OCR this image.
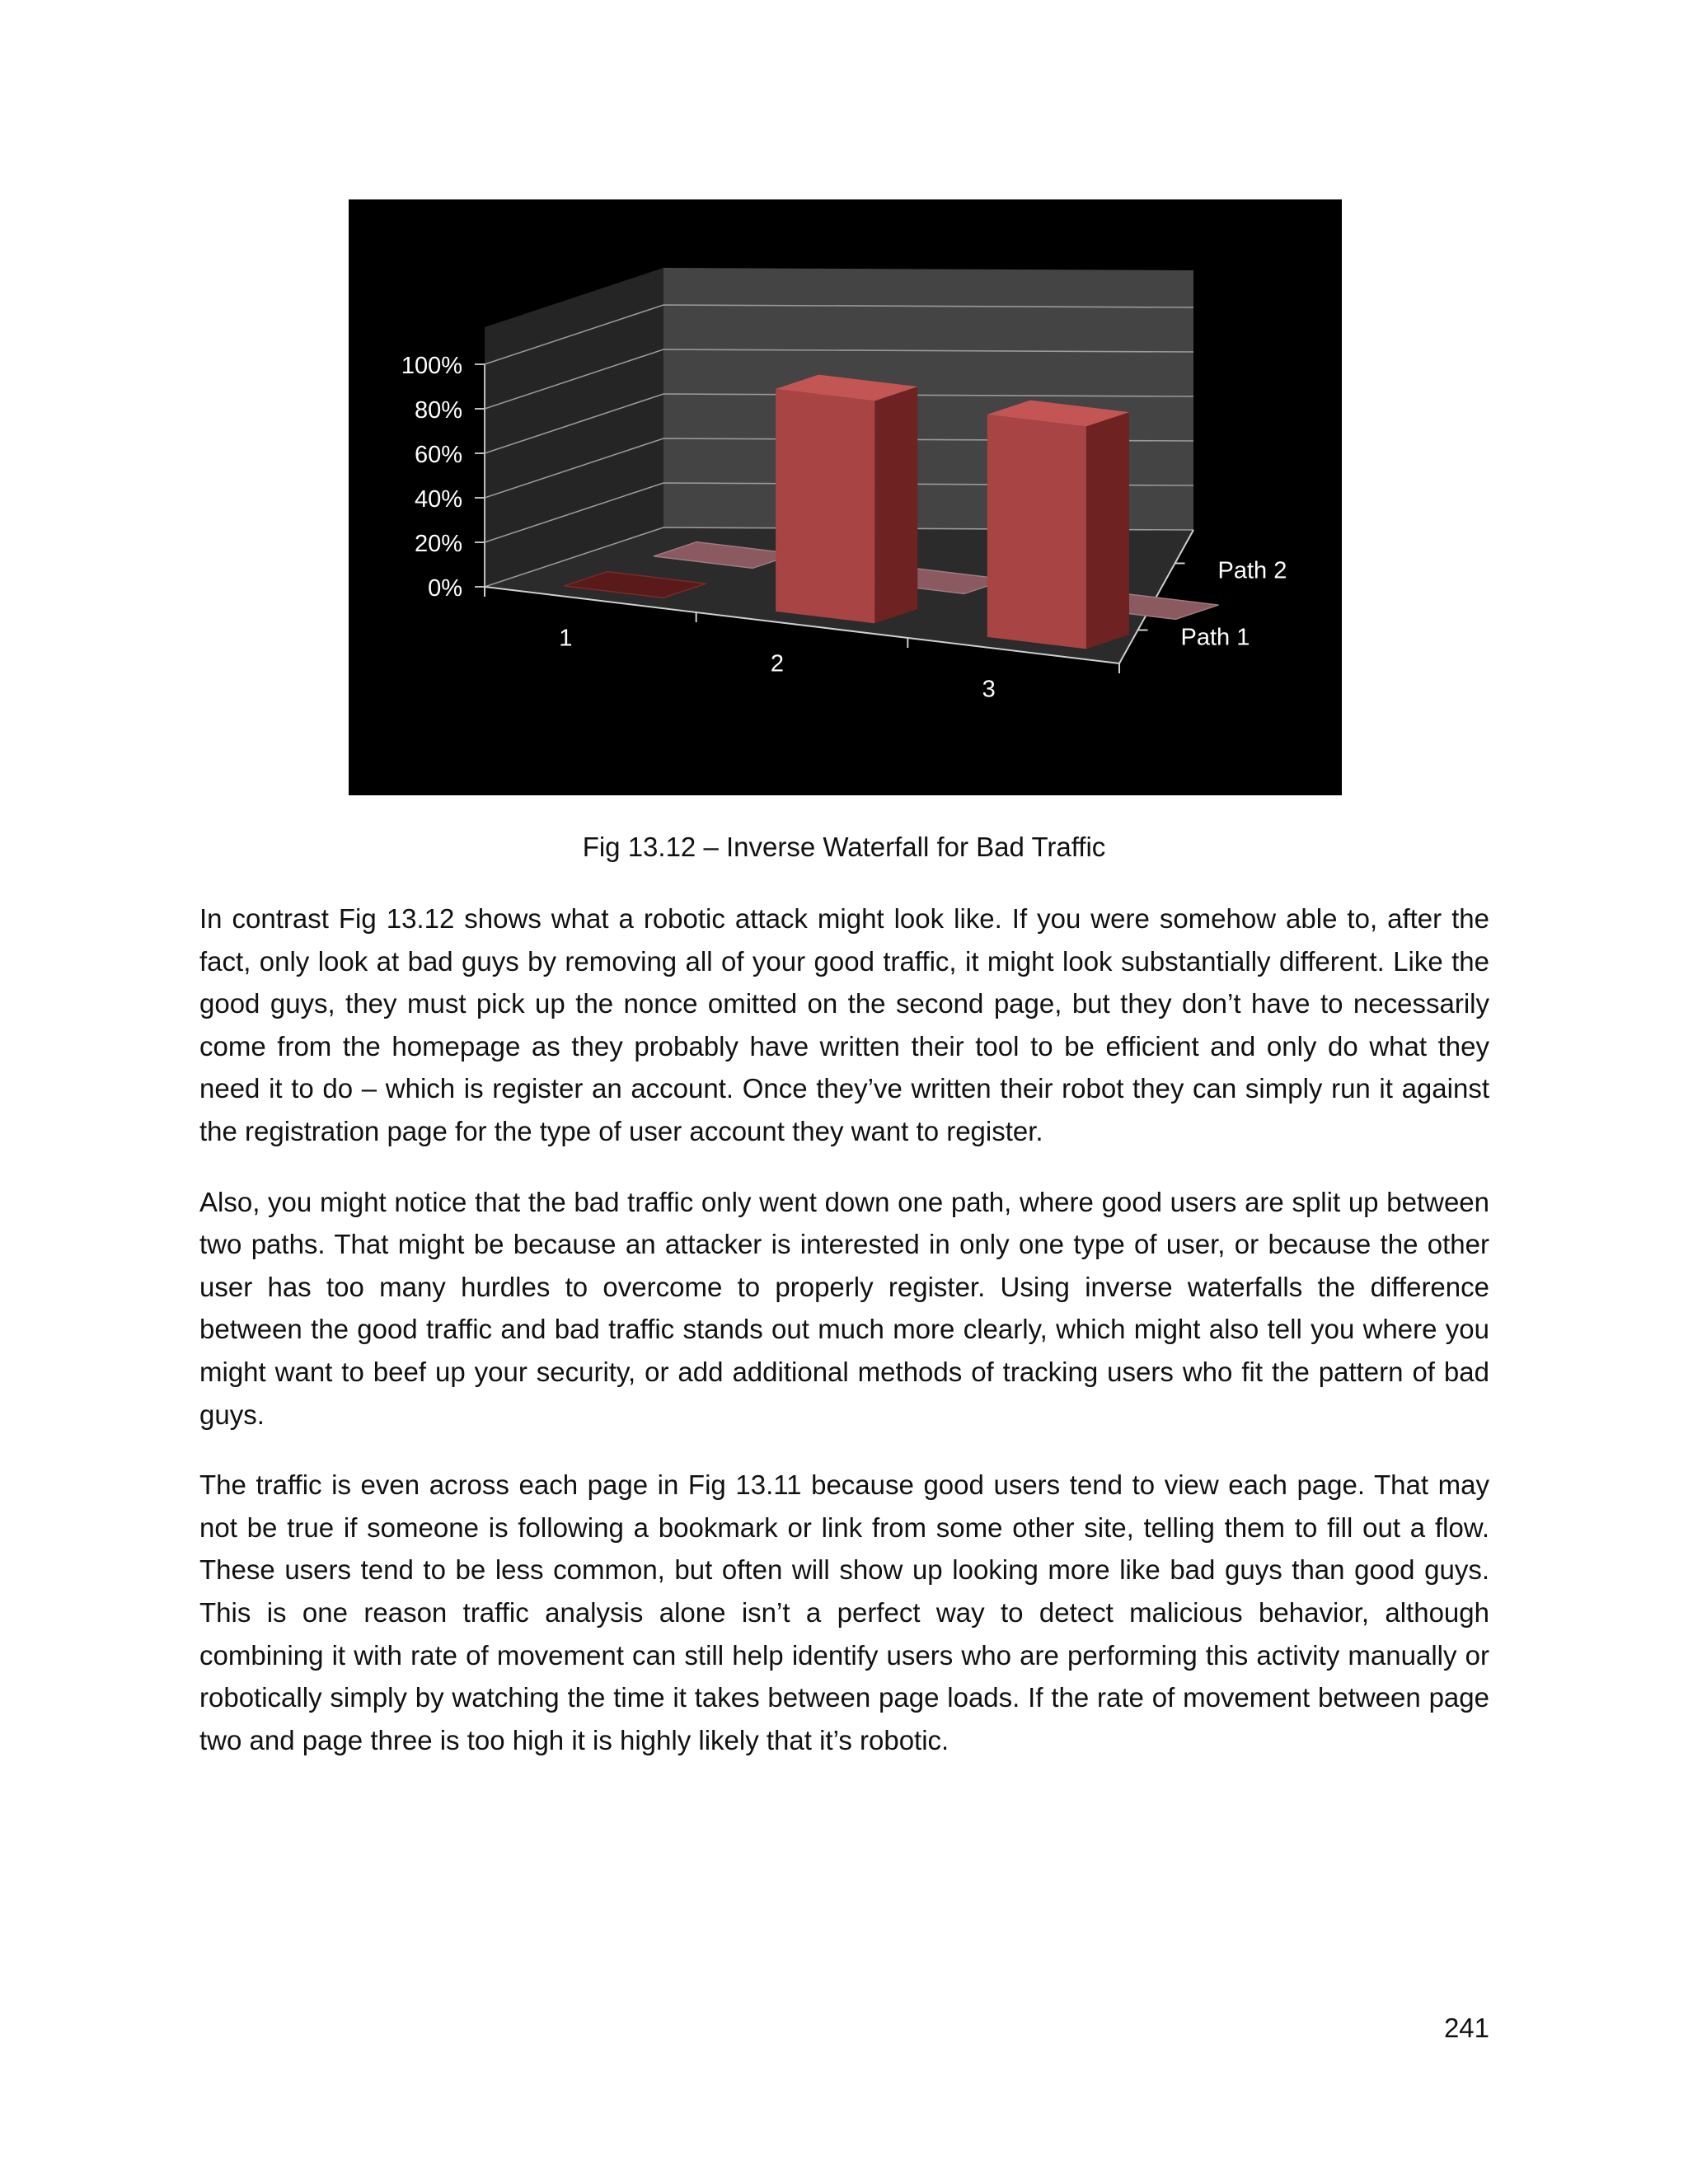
0%
20%
40%
60%
80%
100%
1
2
3
Path 1
Path 2
Fig 13.12 – Inverse Waterfall for Bad Traffic

In contrast Fig 13.12 shows what a robotic attack might look like. If you were somehow able to, after the fact, only look at bad guys by removing all of your good traffic, it might look substantially different. Like the good guys, they must pick up the nonce omitted on the second page, but they don’t have to necessarily come from the homepage as they probably have written their tool to be efficient and only do what they need it to do – which is register an account. Once they’ve written their robot they can simply run it against the registration page for the type of user account they want to register.

Also, you might notice that the bad traffic only went down one path, where good users are split up between two paths. That might be because an attacker is interested in only one type of user, or because the other user has too many hurdles to overcome to properly register. Using inverse waterfalls the difference between the good traffic and bad traffic stands out much more clearly, which might also tell you where you might want to beef up your security, or add additional methods of tracking users who fit the pattern of bad guys.

The traffic is even across each page in Fig 13.11 because good users tend to view each page. That may not be true if someone is following a bookmark or link from some other site, telling them to fill out a flow. These users tend to be less common, but often will show up looking more like bad guys than good guys. This is one reason traffic analysis alone isn’t a perfect way to detect malicious behavior, although combining it with rate of movement can still help identify users who are performing this activity manually or robotically simply by watching the time it takes between page loads. If the rate of movement between page two and page three is too high it is highly likely that it’s robotic.

241
